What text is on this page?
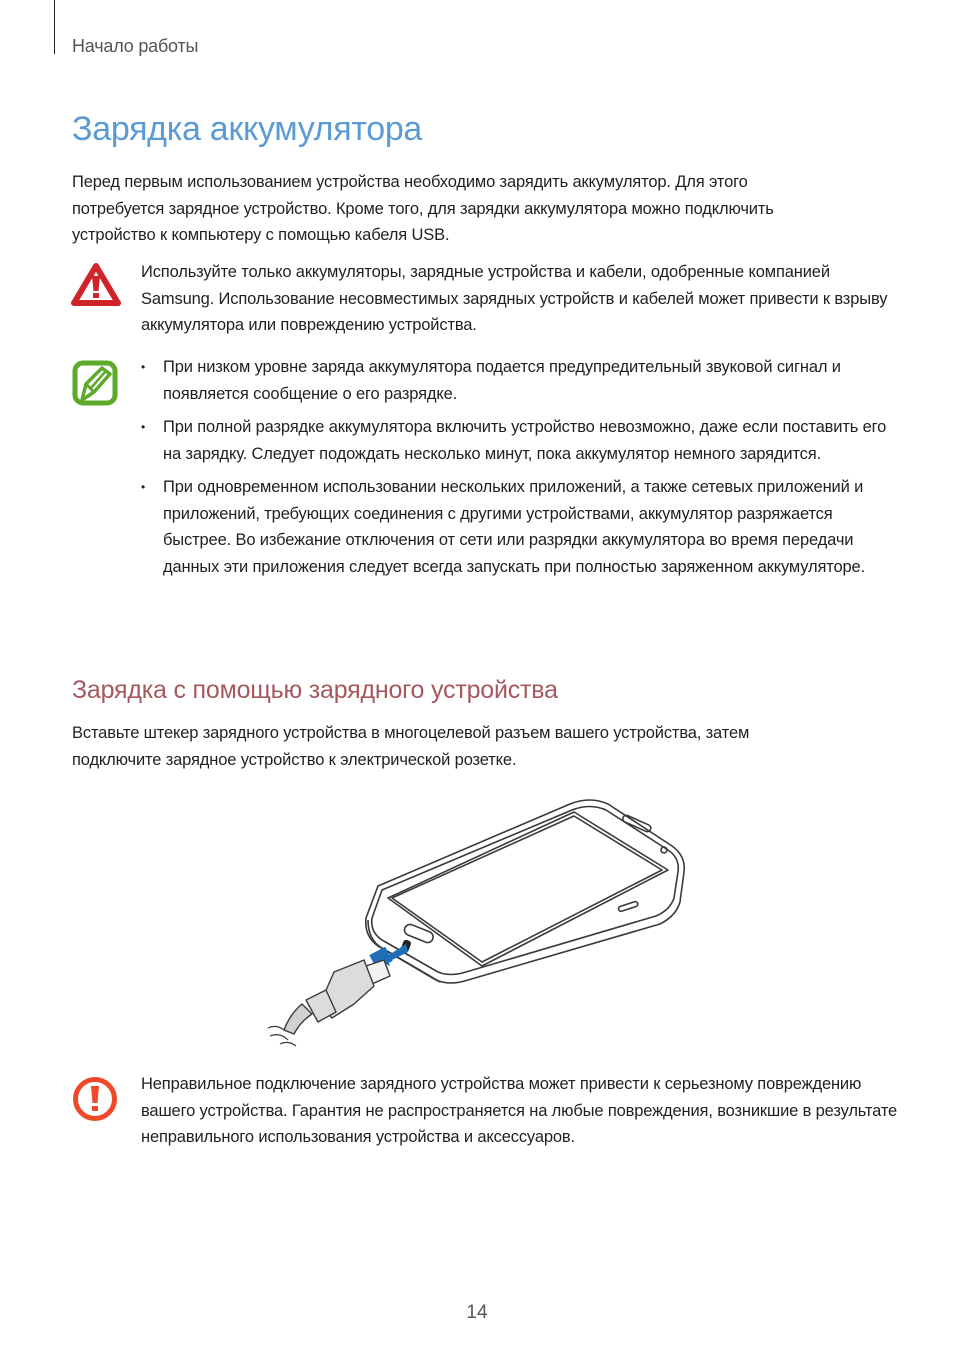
Начало работы
Зарядка аккумулятора

Перед первым использованием устройства необходимо зарядить аккумулятор. Для этого потребуется зарядное устройство. Кроме того, для зарядки аккумулятора можно подключить устройство к компьютеру с помощью кабеля USB.

Используйте только аккумуляторы, зарядные устройства и кабели, одобренные компанией Samsung. Использование несовместимых зарядных устройств и кабелей может привести к взрыву аккумулятора или повреждению устройства.

• При низком уровне заряда аккумулятора подается предупредительный звуковой сигнал и появляется сообщение о его разрядке.
• При полной разрядке аккумулятора включить устройство невозможно, даже если поставить его на зарядку. Следует подождать несколько минут, пока аккумулятор немного зарядится.
• При одновременном использовании нескольких приложений, а также сетевых приложений и приложений, требующих соединения с другими устройствами, аккумулятор разряжается быстрее. Во избежание отключения от сети или разрядки аккумулятора во время передачи данных эти приложения следует всегда запускать при полностью заряженном аккумуляторе.
Зарядка с помощью зарядного устройства

Вставьте штекер зарядного устройства в многоцелевой разъем вашего устройства, затем подключите зарядное устройство к электрической розетке.

Неправильное подключение зарядного устройства может привести к серьезному повреждению вашего устройства. Гарантия не распространяется на любые повреждения, возникшие в результате неправильного использования устройства и аксессуаров.

14
